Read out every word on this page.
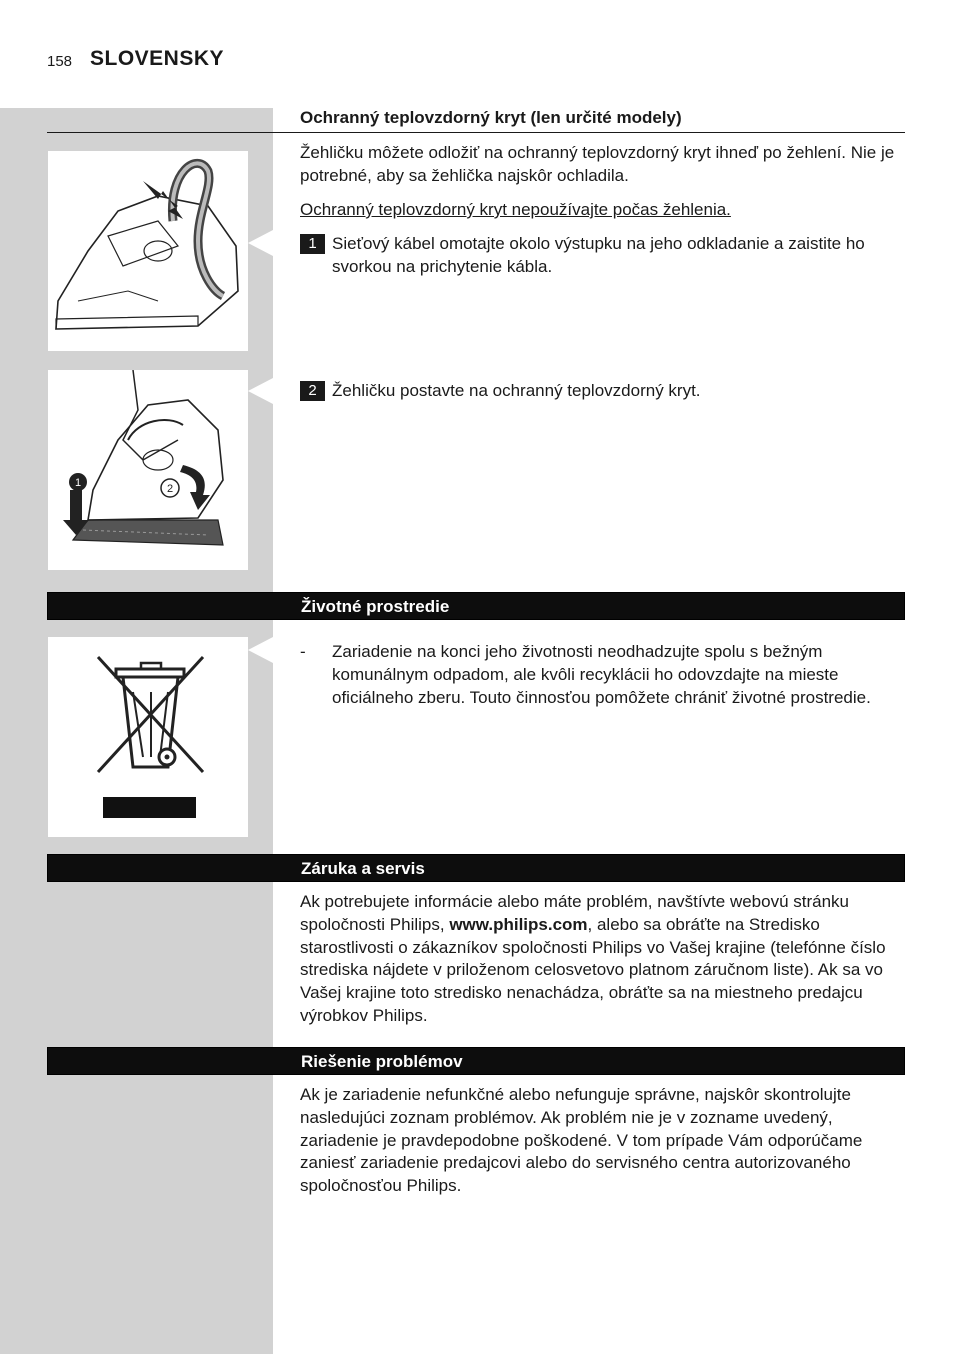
158 SLOVENSKY
Ochranný teplovzdorný kryt (len určité modely)
Žehličku môžete odložiť na ochranný teplovzdorný kryt ihneď po žehlení. Nie je potrebné, aby sa žehlička najskôr ochladila.
Ochranný teplovzdorný kryt nepoužívajte počas žehlenia.
1 Sieťový kábel omotajte okolo výstupku na jeho odkladanie a zaistite ho svorkou na prichytenie kábla.
1	2
2 Žehličku postavte na ochranný teplovzdorný kryt.
Životné prostredie
- Zariadenie na konci jeho životnosti neodhadzujte spolu s bežným komunálnym odpadom, ale kvôli recyklácii ho odovzdajte na mieste oficiálneho zberu. Touto činnosťou pomôžete chrániť životné prostredie.
Záruka a servis
Ak potrebujete informácie alebo máte problém, navštívte webovú stránku spoločnosti Philips, www.philips.com, alebo sa obráťte na Stredisko starostlivosti o zákazníkov spoločnosti Philips vo Vašej krajine (telefónne číslo strediska nájdete v priloženom celosvetovo platnom záručnom liste). Ak sa vo Vašej krajine toto stredisko nenachádza, obráťte sa na miestneho predajcu výrobkov Philips.
Riešenie problémov
Ak je zariadenie nefunkčné alebo nefunguje správne, najskôr skontrolujte nasledujúci zoznam problémov. Ak problém nie je v zozname uvedený, zariadenie je pravdepodobne poškodené. V tom prípade Vám odporúčame zaniesť zariadenie predajcovi alebo do servisného centra autorizovaného spoločnosťou Philips.
